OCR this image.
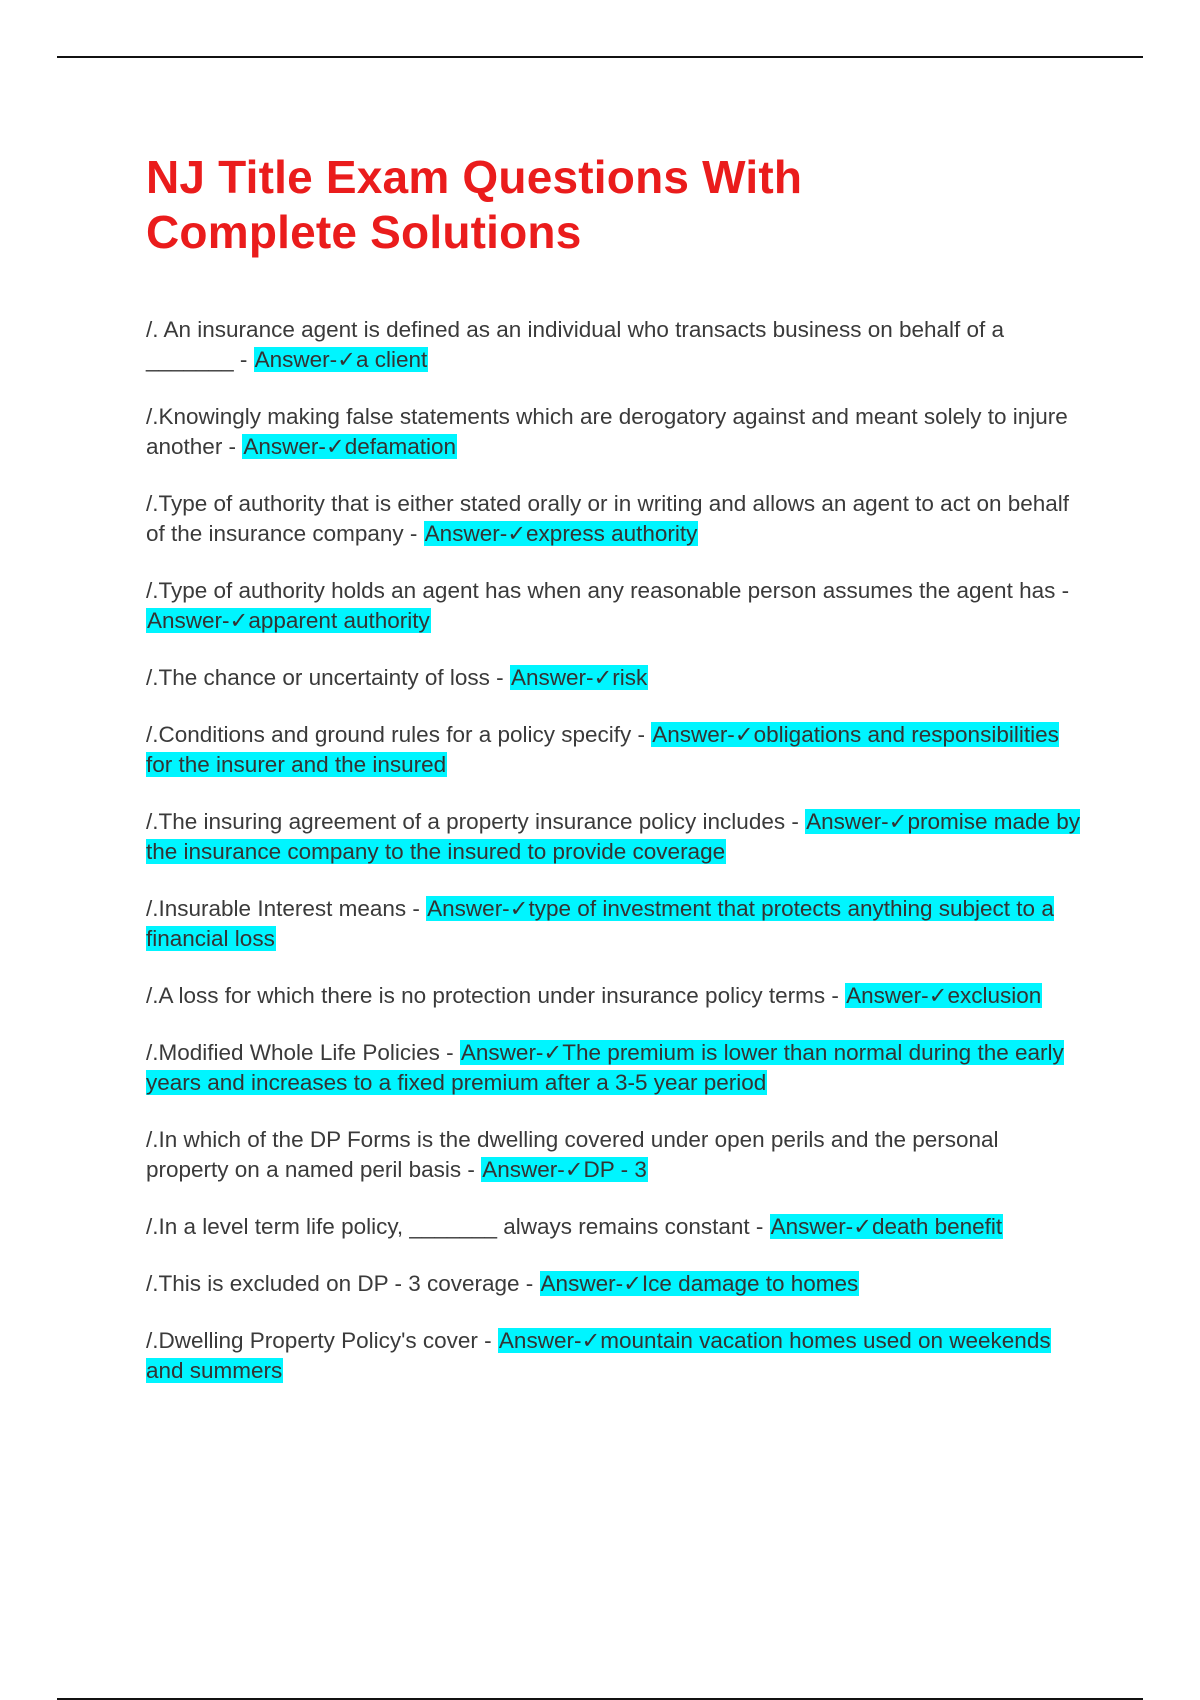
NJ Title Exam Questions With
Complete Solutions

/. An insurance agent is defined as an individual who transacts business on behalf of a _______ - Answer-✓a client

/.Knowingly making false statements which are derogatory against and meant solely to injure another - Answer-✓defamation

/.Type of authority that is either stated orally or in writing and allows an agent to act on behalf of the insurance company - Answer-✓express authority

/.Type of authority holds an agent has when any reasonable person assumes the agent has - Answer-✓apparent authority

/.The chance or uncertainty of loss - Answer-✓risk

/.Conditions and ground rules for a policy specify - Answer-✓obligations and responsibilities for the insurer and the insured

/.The insuring agreement of a property insurance policy includes - Answer-✓promise made by the insurance company to the insured to provide coverage

/.Insurable Interest means - Answer-✓type of investment that protects anything subject to a financial loss

/.A loss for which there is no protection under insurance policy terms - Answer-✓exclusion

/.Modified Whole Life Policies - Answer-✓The premium is lower than normal during the early years and increases to a fixed premium after a 3-5 year period

/.In which of the DP Forms is the dwelling covered under open perils and the personal property on a named peril basis - Answer-✓DP - 3

/.In a level term life policy, _______ always remains constant - Answer-✓death benefit

/.This is excluded on DP - 3 coverage - Answer-✓Ice damage to homes

/.Dwelling Property Policy's cover - Answer-✓mountain vacation homes used on weekends and summers
